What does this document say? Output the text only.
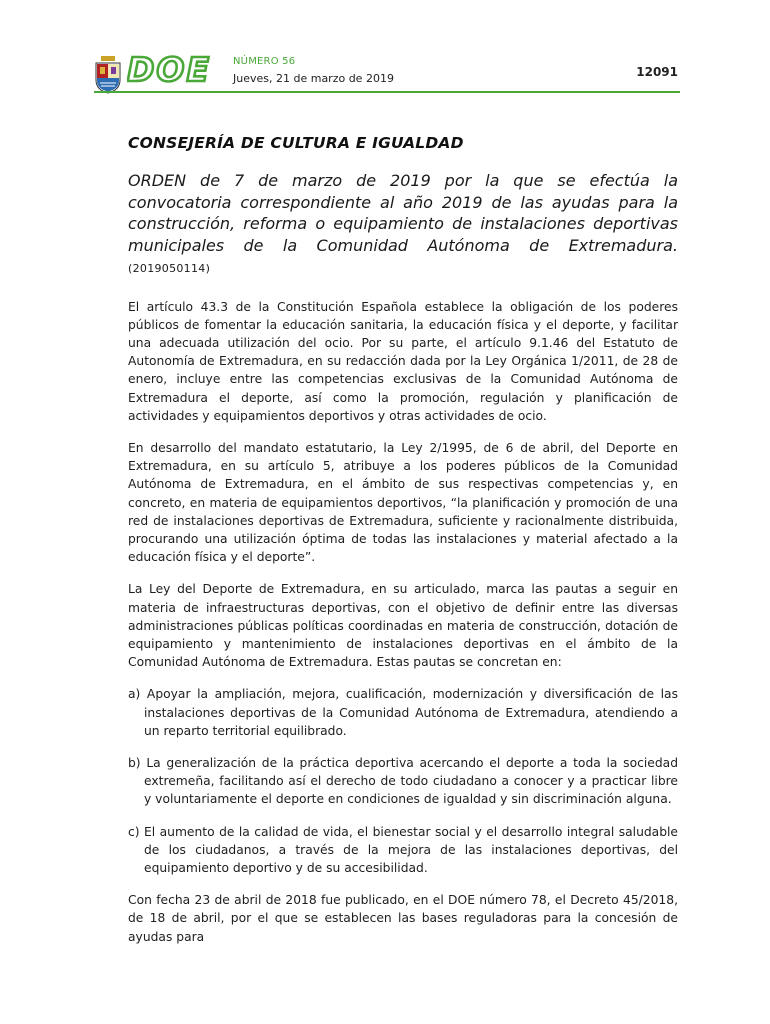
DOE NÚMERO 56
Jueves, 21 de marzo de 2019	12091
CONSEJERÍA DE CULTURA E IGUALDAD
ORDEN de 7 de marzo de 2019 por la que se efectúa la convocatoria correspondiente al año 2019 de las ayudas para la construcción, reforma o equipamiento de instalaciones deportivas municipales de la Comunidad Autónoma de Extremadura. (2019050114)

El artículo 43.3 de la Constitución Española establece la obligación de los poderes públicos de fomentar la educación sanitaria, la educación física y el deporte, y facilitar una adecuada utilización del ocio. Por su parte, el artículo 9.1.46 del Estatuto de Autonomía de Extremadura, en su redacción dada por la Ley Orgánica 1/2011, de 28 de enero, incluye entre las competencias exclusivas de la Comunidad Autónoma de Extremadura el deporte, así como la promoción, regulación y planificación de actividades y equipamientos deportivos y otras actividades de ocio.

En desarrollo del mandato estatutario, la Ley 2/1995, de 6 de abril, del Deporte en Extremadura, en su artículo 5, atribuye a los poderes públicos de la Comunidad Autónoma de Extremadura, en el ámbito de sus respectivas competencias y, en concreto, en materia de equipamientos deportivos, “la planificación y promoción de una red de instalaciones deportivas de Extremadura, suficiente y racionalmente distribuida, procurando una utilización óptima de todas las instalaciones y material afectado a la educación física y el deporte”.

La Ley del Deporte de Extremadura, en su articulado, marca las pautas a seguir en materia de infraestructuras deportivas, con el objetivo de definir entre las diversas administraciones públicas políticas coordinadas en materia de construcción, dotación de equipamiento y mantenimiento de instalaciones deportivas en el ámbito de la Comunidad Autónoma de Extremadura. Estas pautas se concretan en:

a) Apoyar la ampliación, mejora, cualificación, modernización y diversificación de las instalaciones deportivas de la Comunidad Autónoma de Extremadura, atendiendo a un reparto territorial equilibrado.

b) La generalización de la práctica deportiva acercando el deporte a toda la sociedad extremeña, facilitando así el derecho de todo ciudadano a conocer y a practicar libre y voluntariamente el deporte en condiciones de igualdad y sin discriminación alguna.

c) El aumento de la calidad de vida, el bienestar social y el desarrollo integral saludable de los ciudadanos, a través de la mejora de las instalaciones deportivas, del equipamiento deportivo y de su accesibilidad.

Con fecha 23 de abril de 2018 fue publicado, en el DOE número 78, el Decreto 45/2018, de 18 de abril, por el que se establecen las bases reguladoras para la concesión de ayudas para
